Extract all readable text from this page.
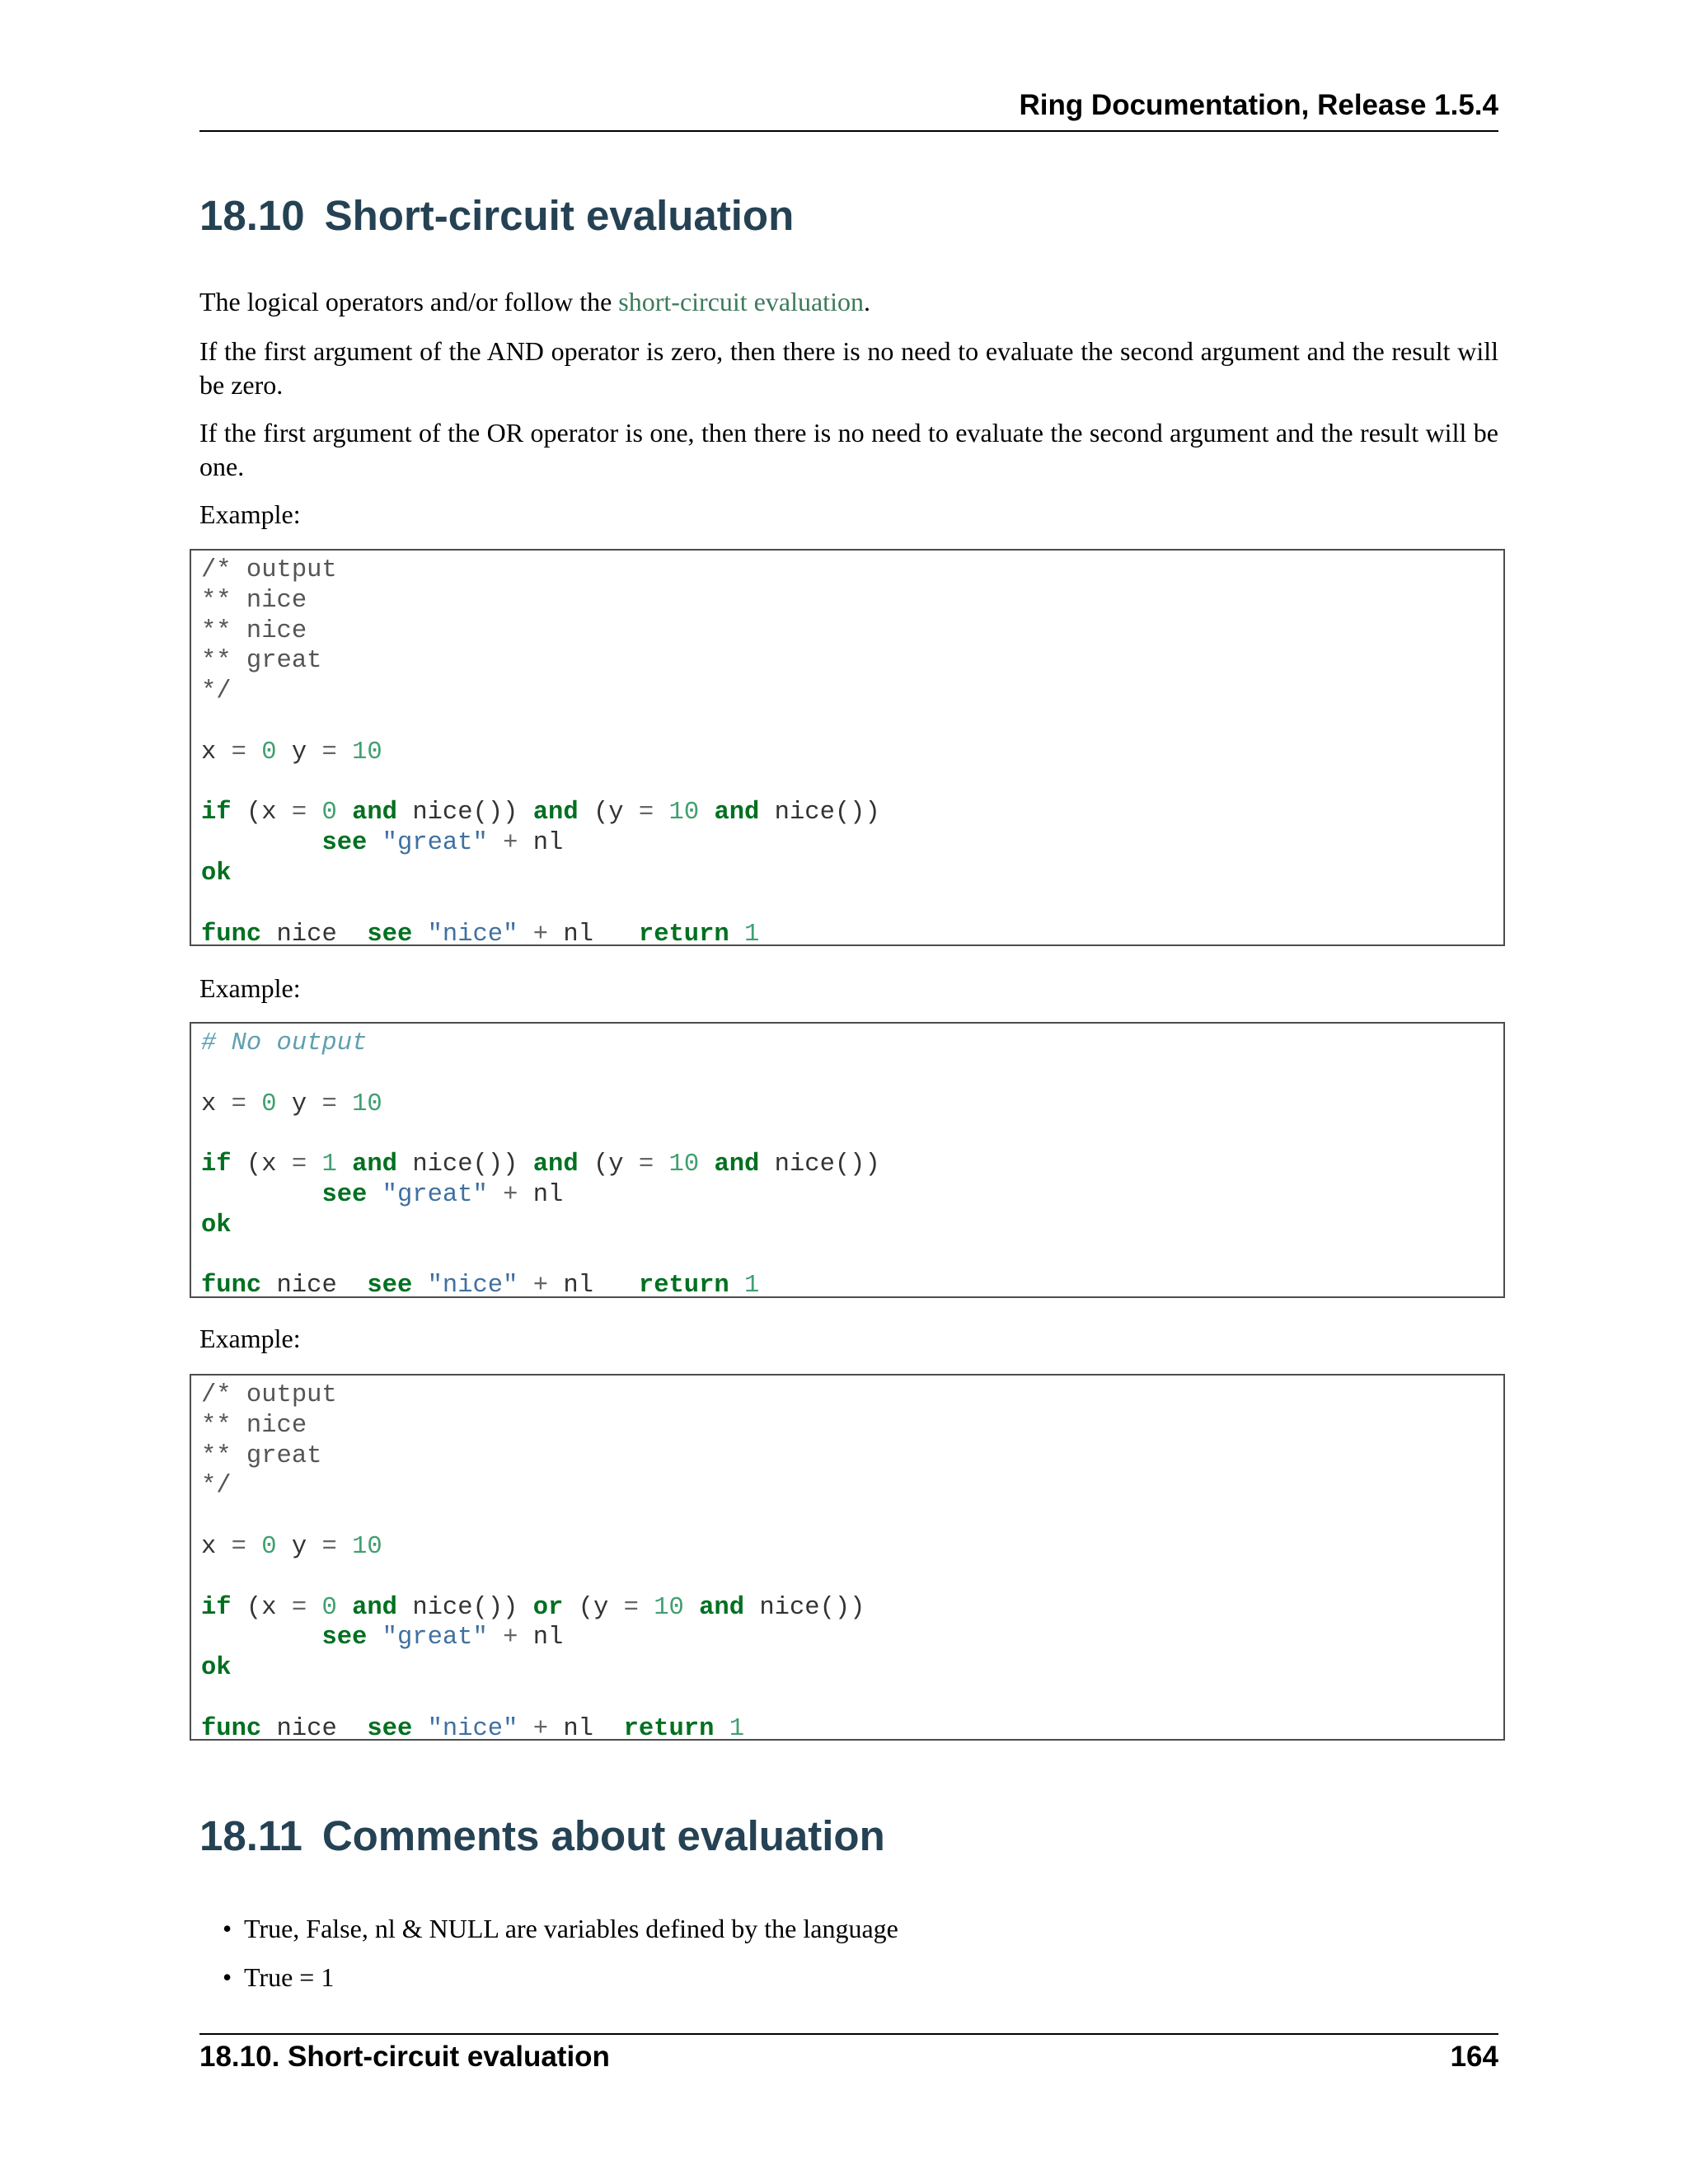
Ring Documentation, Release 1.5.4
18.10 Short-circuit evaluation

The logical operators and/or follow the short-circuit evaluation.

If the first argument of the AND operator is zero, then there is no need to evaluate the second argument and the result will be zero.

If the first argument of the OR operator is one, then there is no need to evaluate the second argument and the result will be one.

Example:

/* output
** nice
** nice
** great
*/

x = 0 y = 10

if (x = 0 and nice()) and (y = 10 and nice())
see "great" + nl
ok

func nice see "nice" + nl return 1

Example:

# No output

x = 0 y = 10

if (x = 1 and nice()) and (y = 10 and nice())
see "great" + nl
ok

func nice see "nice" + nl return 1

Example:

/* output
** nice
** great
*/

x = 0 y = 10

if (x = 0 and nice()) or (y = 10 and nice())
see "great" + nl
ok

func nice see "nice" + nl return 1
18.11 Comments about evaluation
• True, False, nl & NULL are variables defined by the language
• True = 1
18.10. Short-circuit evaluation	164
